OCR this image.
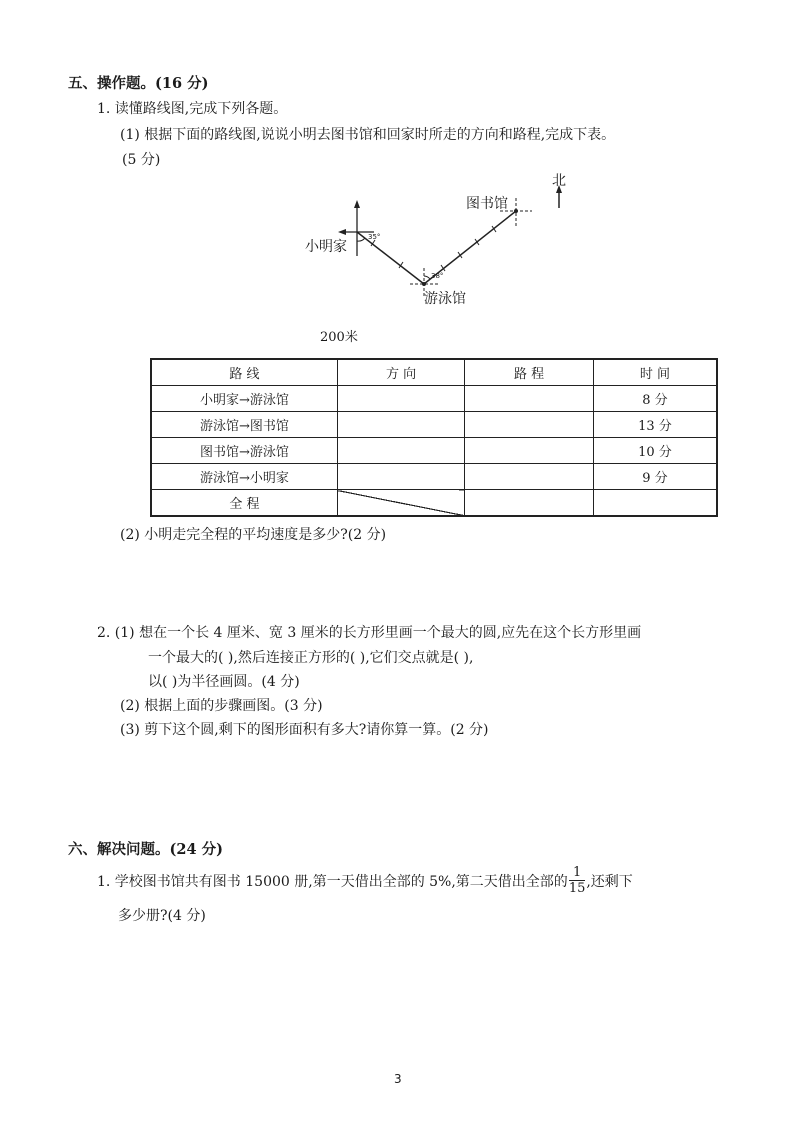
五、操作题。(16 分)
1. 读懂路线图,完成下列各题。
(1) 根据下面的路线图,说说小明去图书馆和回家时所走的方向和路程,完成下表。
(5 分)
北
图书馆
小明家
游泳馆
35°
38°
200米
路 线	方 向	路 程	时 间
小明家→游泳馆			8 分
游泳馆→图书馆			13 分
图书馆→游泳馆			10 分
游泳馆→小明家			9 分
全 程			
(2) 小明走完全程的平均速度是多少?(2 分)
2. (1) 想在一个长 4 厘米、宽 3 厘米的长方形里画一个最大的圆,应先在这个长方形里画
一个最大的( ),然后连接正方形的( ),它们交点就是( ),
以( )为半径画圆。(4 分)
(2) 根据上面的步骤画图。(3 分)
(3) 剪下这个圆,剩下的图形面积有多大?请你算一算。(2 分)
六、解决问题。(24 分)
1. 学校图书馆共有图书 15000 册,第一天借出全部的 5%,第二天借出全部的 $\frac{1}{15}$ ,还剩下
多少册?(4 分)
3
